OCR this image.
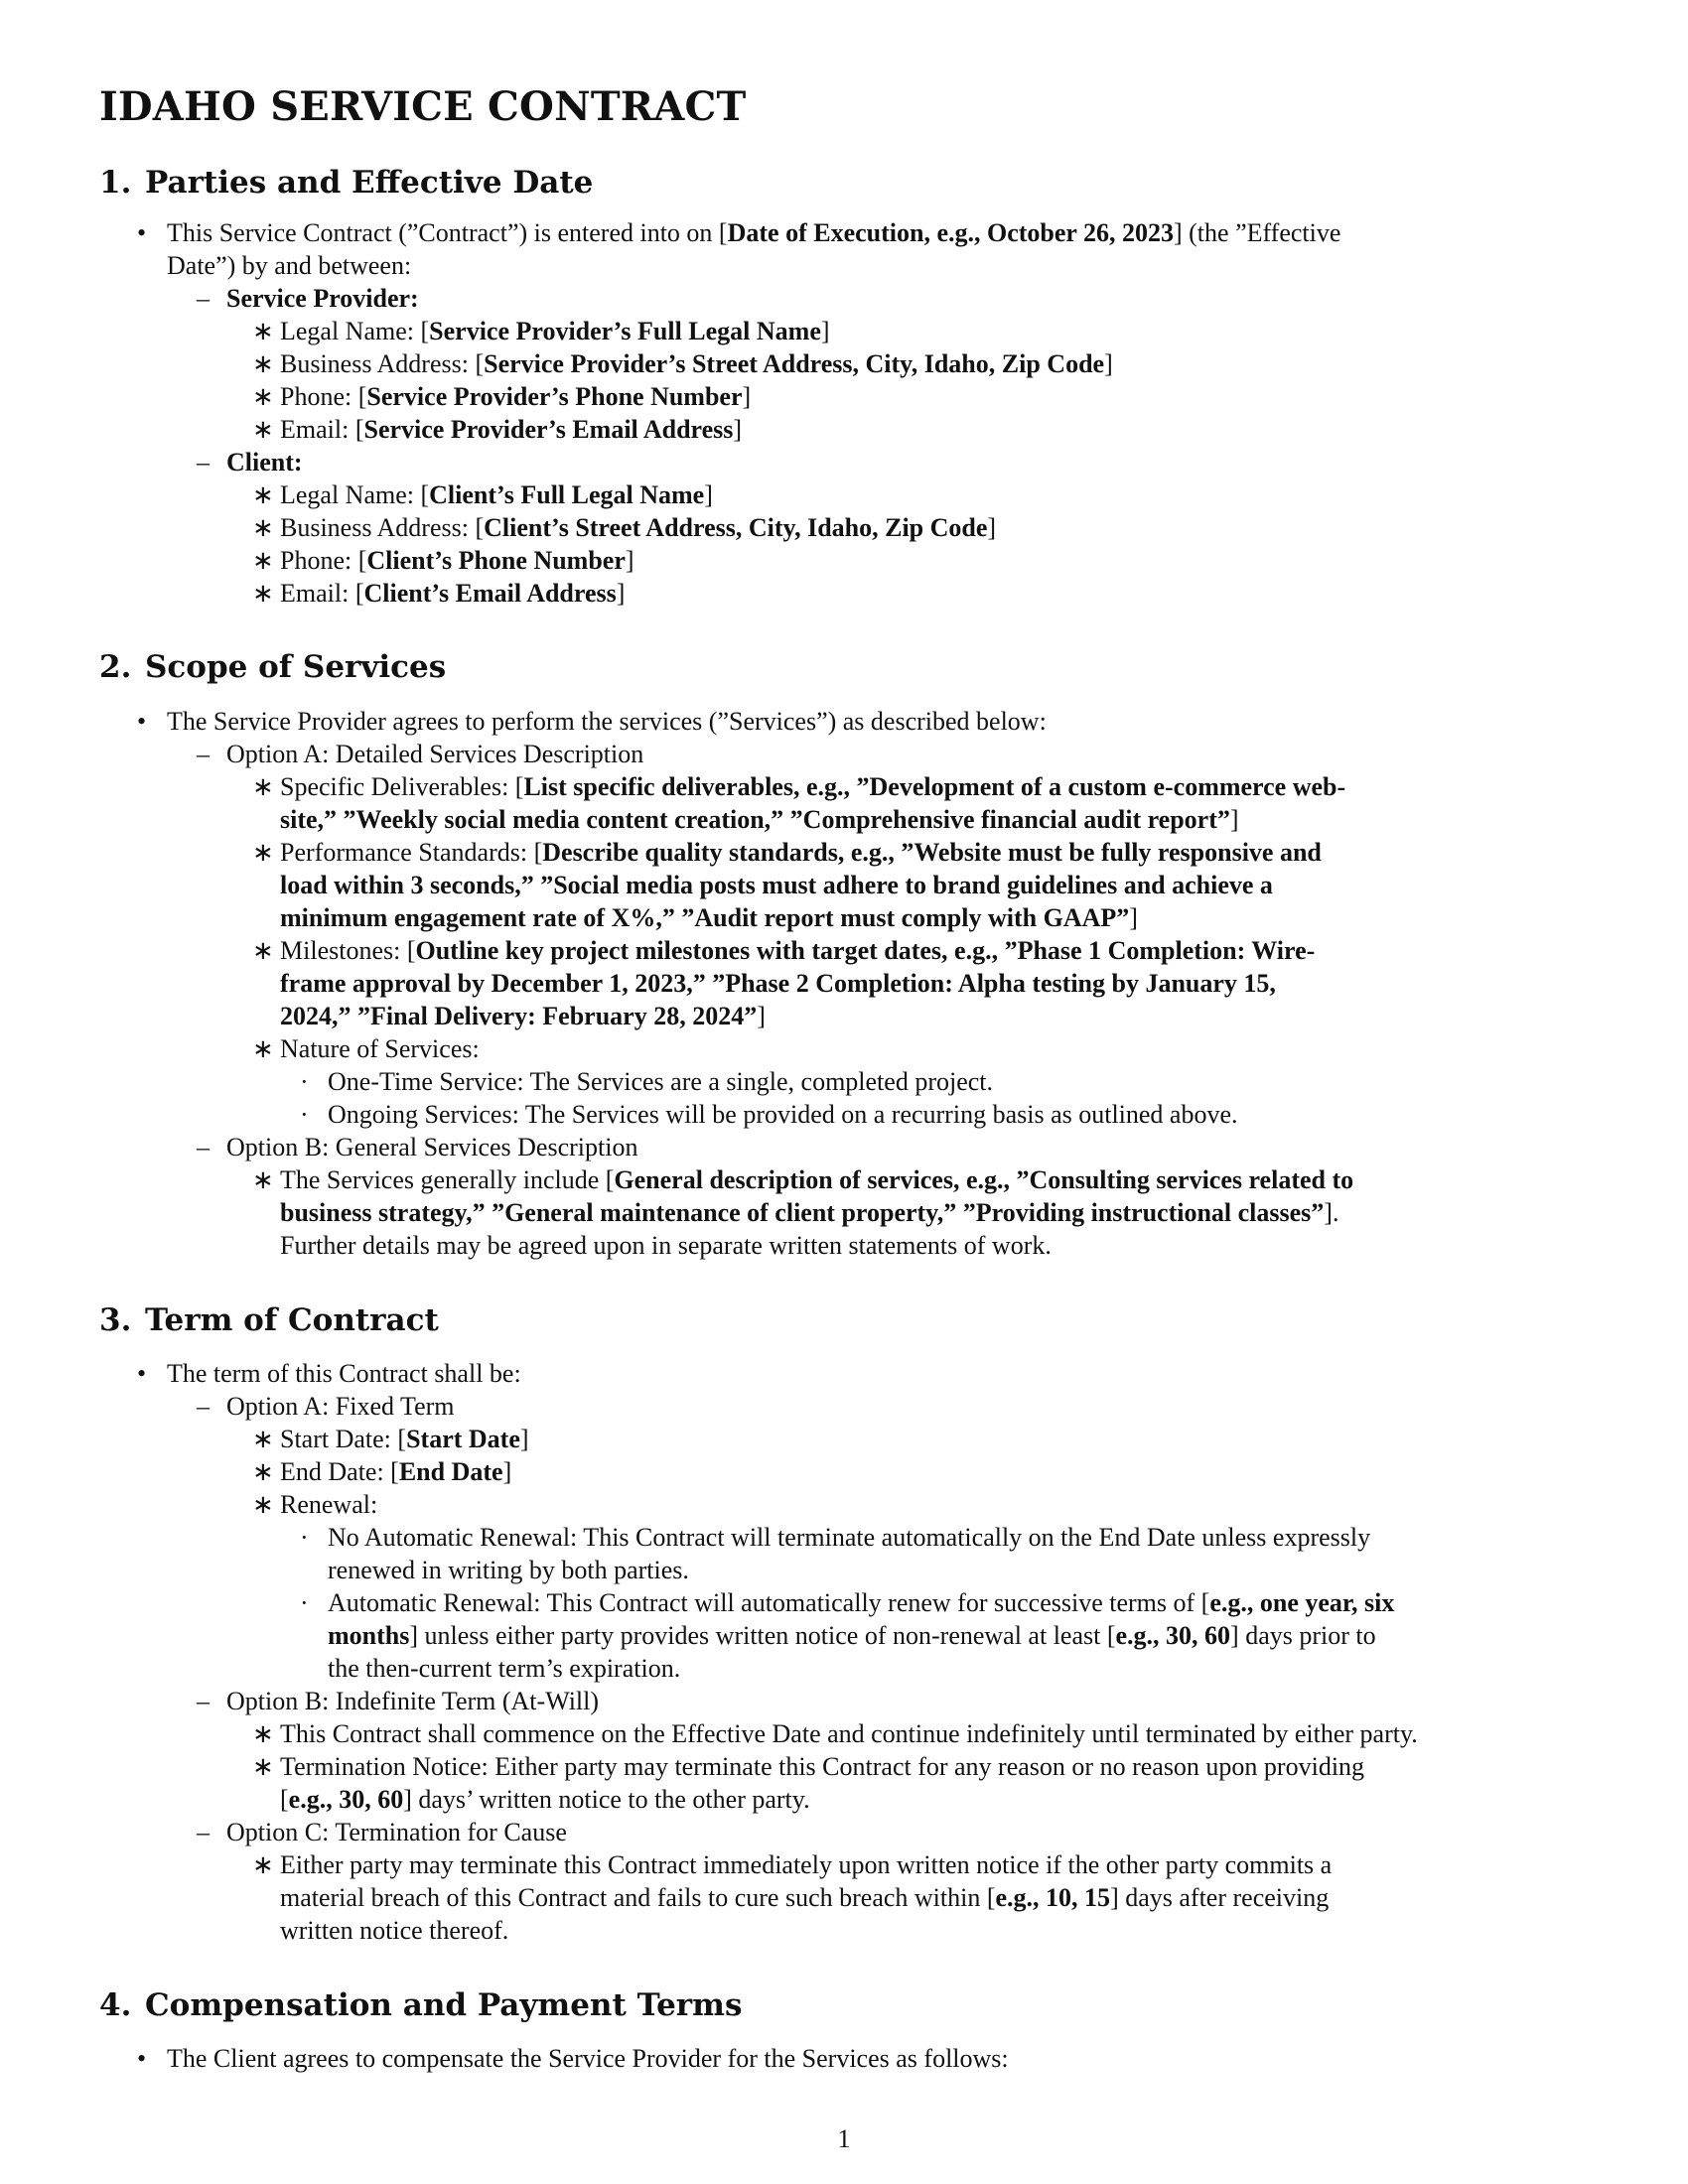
IDAHO SERVICE CONTRACT
1. Parties and Effective Date
• This Service Contract (”Contract”) is entered into on [Date of Execution, e.g., October 26, 2023] (the ”Effective
Date”) by and between:
– Service Provider:
∗ Legal Name: [Service Provider’s Full Legal Name]
∗ Business Address: [Service Provider’s Street Address, City, Idaho, Zip Code]
∗ Phone: [Service Provider’s Phone Number]
∗ Email: [Service Provider’s Email Address]
– Client:
∗ Legal Name: [Client’s Full Legal Name]
∗ Business Address: [Client’s Street Address, City, Idaho, Zip Code]
∗ Phone: [Client’s Phone Number]
∗ Email: [Client’s Email Address]
2. Scope of Services
• The Service Provider agrees to perform the services (”Services”) as described below:
– Option A: Detailed Services Description
∗ Specific Deliverables: [List specific deliverables, e.g., ”Development of a custom e-commerce web-
site,” ”Weekly social media content creation,” ”Comprehensive financial audit report”]
∗ Performance Standards: [Describe quality standards, e.g., ”Website must be fully responsive and
load within 3 seconds,” ”Social media posts must adhere to brand guidelines and achieve a
minimum engagement rate of X%,” ”Audit report must comply with GAAP”]
∗ Milestones: [Outline key project milestones with target dates, e.g., ”Phase 1 Completion: Wire-
frame approval by December 1, 2023,” ”Phase 2 Completion: Alpha testing by January 15,
2024,” ”Final Delivery: February 28, 2024”]
∗ Nature of Services:
· One-Time Service: The Services are a single, completed project.
· Ongoing Services: The Services will be provided on a recurring basis as outlined above.
– Option B: General Services Description
∗ The Services generally include [General description of services, e.g., ”Consulting services related to
business strategy,” ”General maintenance of client property,” ”Providing instructional classes”].
Further details may be agreed upon in separate written statements of work.
3. Term of Contract
• The term of this Contract shall be:
– Option A: Fixed Term
∗ Start Date: [Start Date]
∗ End Date: [End Date]
∗ Renewal:
· No Automatic Renewal: This Contract will terminate automatically on the End Date unless expressly
renewed in writing by both parties.
· Automatic Renewal: This Contract will automatically renew for successive terms of [e.g., one year, six
months] unless either party provides written notice of non-renewal at least [e.g., 30, 60] days prior to
the then-current term’s expiration.
– Option B: Indefinite Term (At-Will)
∗ This Contract shall commence on the Effective Date and continue indefinitely until terminated by either party.
∗ Termination Notice: Either party may terminate this Contract for any reason or no reason upon providing
[e.g., 30, 60] days’ written notice to the other party.
– Option C: Termination for Cause
∗ Either party may terminate this Contract immediately upon written notice if the other party commits a
material breach of this Contract and fails to cure such breach within [e.g., 10, 15] days after receiving
written notice thereof.
4. Compensation and Payment Terms
• The Client agrees to compensate the Service Provider for the Services as follows:
1
